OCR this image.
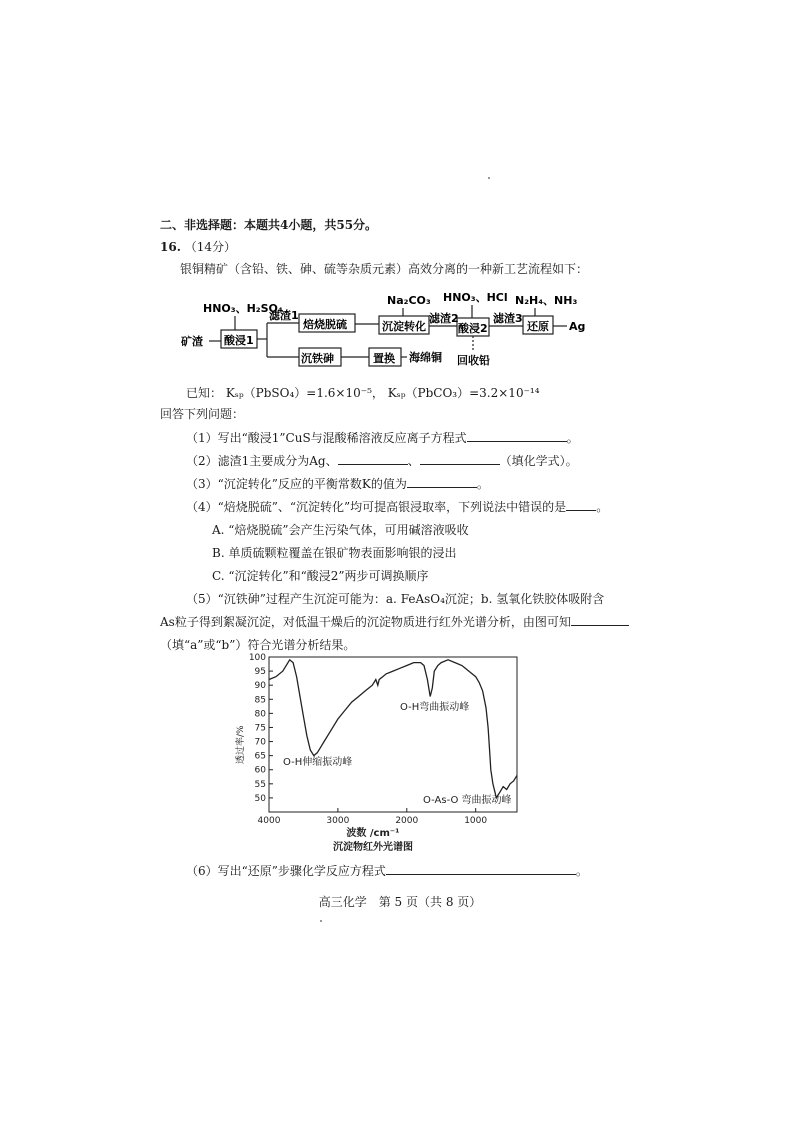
二、非选择题：本题共4小题，共55分。
16. （14分）
银铜精矿（含铅、铁、砷、硫等杂质元素）高效分离的一种新工艺流程如下：
HNO₃、H₂SO₄
Na₂CO₃ HNO₃、HCl N₂H₄、NH₃
矿渣 酸浸1
焙烧脱硫	沉淀转化	酸浸2	还原
沉铁砷	置换
滤渣1	滤渣2	滤渣3
Ag
回收铅
海绵铜
已知： Kₛₚ（PbSO₄）=1.6×10⁻⁵， Kₛₚ（PbCO₃）=3.2×10⁻¹⁴
回答下列问题：
（1）写出“酸浸1”CuS与混酸稀溶液反应离子方程式	。
（2）滤渣1主要成分为Ag、	、	（填化学式）。
（3）“沉淀转化”反应的平衡常数K的值为	。
（4）“焙烧脱硫”、“沉淀转化”均可提高银浸取率，下列说法中错误的是	。
A. “焙烧脱硫”会产生污染气体，可用碱溶液吸收
B. 单质硫颗粒覆盖在银矿物表面影响银的浸出
C. “沉淀转化”和“酸浸2”两步可调换顺序
（5）“沉铁砷”过程产生沉淀可能为：a. FeAsO₄沉淀；b. 氢氧化铁胶体吸附含
As粒子得到絮凝沉淀，对低温干燥后的沉淀物质进行红外光谱分析，由图可知
（填“a”或“b”）符合光谱分析结果。
100
95
90
85
80
75
70
65
60
55
50
4000	3000	2000	1000
透过率/%
波数 /cm⁻¹
沉淀物红外光谱图
O-H伸缩振动峰
O-H弯曲振动峰
O-As-O 弯曲振动峰
（6）写出“还原”步骤化学反应方程式	。
高三化学　第 5 页（共 8 页）
